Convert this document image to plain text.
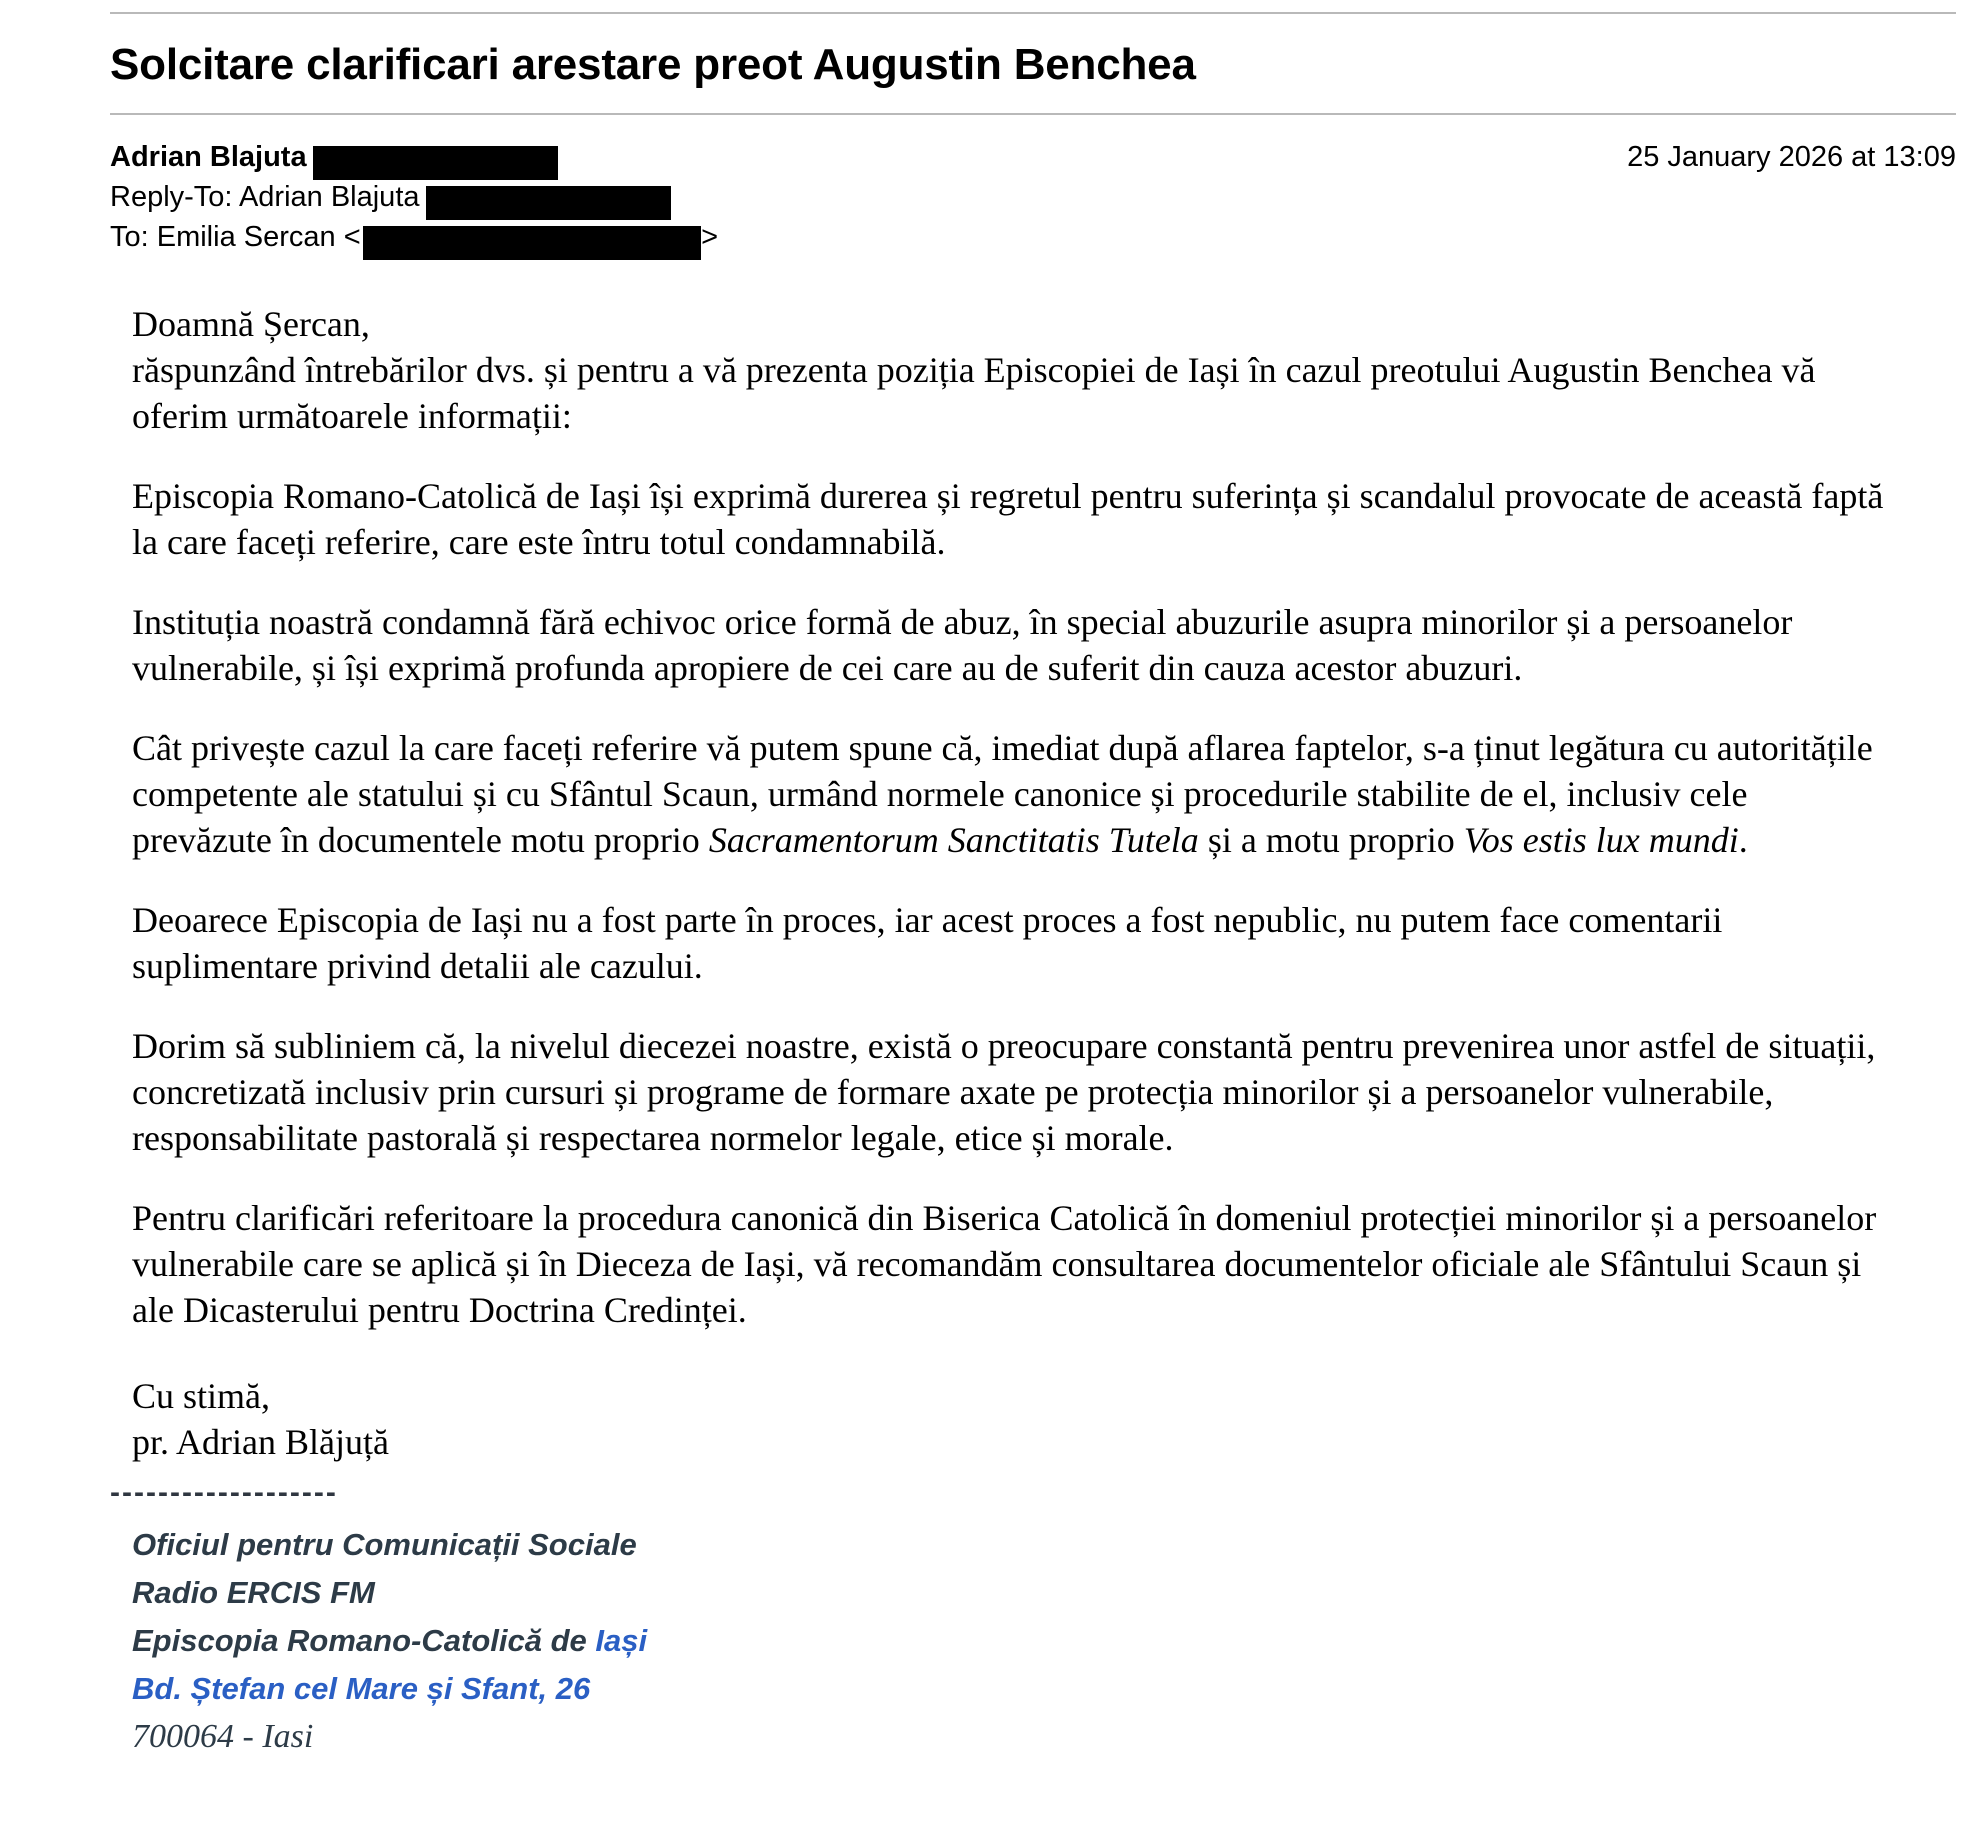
Solcitare clarificari arestare preot Augustin Benchea
Adrian Blajuta <adrian@ercis.ro>
Reply-To: Adrian Blajuta <adrian@ercis.ro>
To: Emilia Sercan < emilia.sercan@gmail.com >
25 January 2026 at 13:09

Doamnă Șercan,

răspunzând întrebărilor dvs. și pentru a vă prezenta poziția Episcopiei de Iași în cazul preotului Augustin Benchea vă oferim următoarele informații:

Episcopia Romano-Catolică de Iași își exprimă durerea și regretul pentru suferința și scandalul provocate de această faptă la care faceți referire, care este întru totul condamnabilă.

Instituția noastră condamnă fără echivoc orice formă de abuz, în special abuzurile asupra minorilor și a persoanelor vulnerabile, și își exprimă profunda apropiere de cei care au de suferit din cauza acestor abuzuri.

Cât privește cazul la care faceți referire vă putem spune că, imediat după aflarea faptelor, s-a ținut legătura cu autoritățile competente ale statului și cu Sfântul Scaun, urmând normele canonice și procedurile stabilite de el, inclusiv cele prevăzute în documentele motu proprio Sacramentorum Sanctitatis Tutela și a motu proprio Vos estis lux mundi.

Deoarece Episcopia de Iași nu a fost parte în proces, iar acest proces a fost nepublic, nu putem face comentarii suplimentare privind detalii ale cazului.

Dorim să subliniem că, la nivelul diecezei noastre, există o preocupare constantă pentru prevenirea unor astfel de situații, concretizată inclusiv prin cursuri și programe de formare axate pe protecția minorilor și a persoanelor vulnerabile, responsabilitate pastorală și respectarea normelor legale, etice și morale.

Pentru clarificări referitoare la procedura canonică din Biserica Catolică în domeniul protecției minorilor și a persoanelor vulnerabile care se aplică și în Dieceza de Iași, vă recomandăm consultarea documentelor oficiale ale Sfântului Scaun și ale Dicasterului pentru Doctrina Credinței.

Cu stimă,
pr. Adrian Blăjuță
-------------------
Oficiul pentru Comunicații Sociale
Radio ERCIS FM
Episcopia Romano-Catolică de Iași
Bd. Ștefan cel Mare și Sfant, 26
700064 - Iasi
